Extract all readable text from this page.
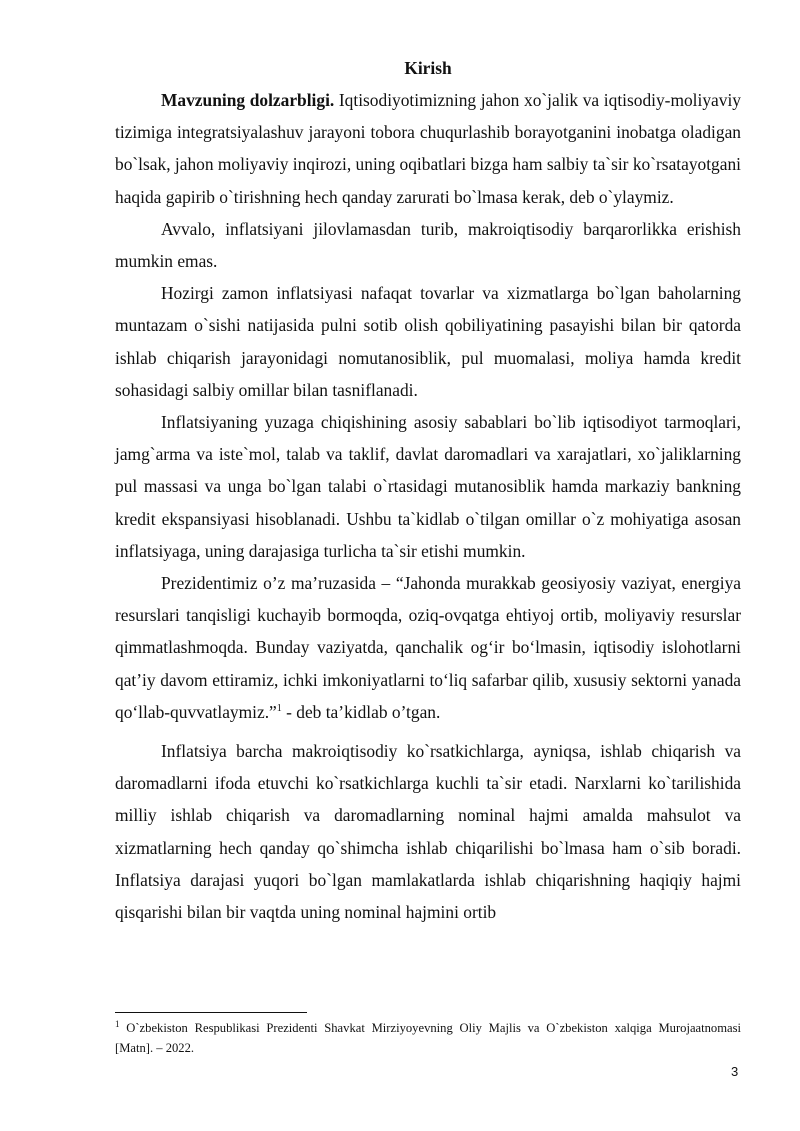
Kirish

Mavzuning dolzarbligi. Iqtisodiyotimizning jahon xo`jalik va iqtisodiy-moliyaviy tizimiga integratsiyalashuv jarayoni tobora chuqurlashib borayotganini inobatga oladigan bo`lsak, jahon moliyaviy inqirozi, uning oqibatlari bizga ham salbiy ta`sir ko`rsatayotgani haqida gapirib o`tirishning hech qanday zarurati bo`lmasa kerak, deb o`ylaymiz.

Avvalo, inflatsiyani jilovlamasdan turib, makroiqtisodiy barqarorlikka erishish mumkin emas.

Hozirgi zamon inflatsiyasi nafaqat tovarlar va xizmatlarga bo`lgan baholarning muntazam o`sishi natijasida pulni sotib olish qobiliyatining pasayishi bilan bir qatorda ishlab chiqarish jarayonidagi nomutanosiblik, pul muomalasi, moliya hamda kredit sohasidagi salbiy omillar bilan tasniflanadi.

Inflatsiyaning yuzaga chiqishining asosiy sabablari bo`lib iqtisodiyot tarmoqlari, jamg`arma va iste`mol, talab va taklif, davlat daromadlari va xarajatlari, xo`jaliklarning pul massasi va unga bo`lgan talabi o`rtasidagi mutanosiblik hamda markaziy bankning kredit ekspansiyasi hisoblanadi. Ushbu ta`kidlab o`tilgan omillar o`z mohiyatiga asosan inflatsiyaga, uning darajasiga turlicha ta`sir etishi mumkin.

Prezidentimiz o’z ma’ruzasida – “Jahonda murakkab geosiyosiy vaziyat, energiya resurslari tanqisligi kuchayib bormoqda, oziq-ovqatga ehtiyoj ortib, moliyaviy resurslar qimmatlashmoqda. Bunday vaziyatda, qanchalik og‘ir bo‘lmasin, iqtisodiy islohotlarni qat’iy davom ettiramiz, ichki imkoniyatlarni to‘liq safarbar qilib, xususiy sektorni yanada qo‘llab-quvvatlaymiz.”$^1$ - deb ta’kidlab o’tgan.

Inflatsiya barcha makroiqtisodiy ko`rsatkichlarga, ayniqsa, ishlab chiqarish va daromadlarni ifoda etuvchi ko`rsatkichlarga kuchli ta`sir etadi. Narxlarni ko`tarilishida milliy ishlab chiqarish va daromadlarning nominal hajmi amalda mahsulot va xizmatlarning hech qanday qo`shimcha ishlab chiqarilishi bo`lmasa ham o`sib boradi. Inflatsiya darajasi yuqori bo`lgan mamlakatlarda ishlab chiqarishning haqiqiy hajmi qisqarishi bilan bir vaqtda uning nominal hajmini ortib

$^1$ O`zbekiston Respublikasi Prezidenti Shavkat Mirziyoyevning Oliy Majlis va O`zbekiston xalqiga Murojaatnomasi [Matn]. – 2022.
3
